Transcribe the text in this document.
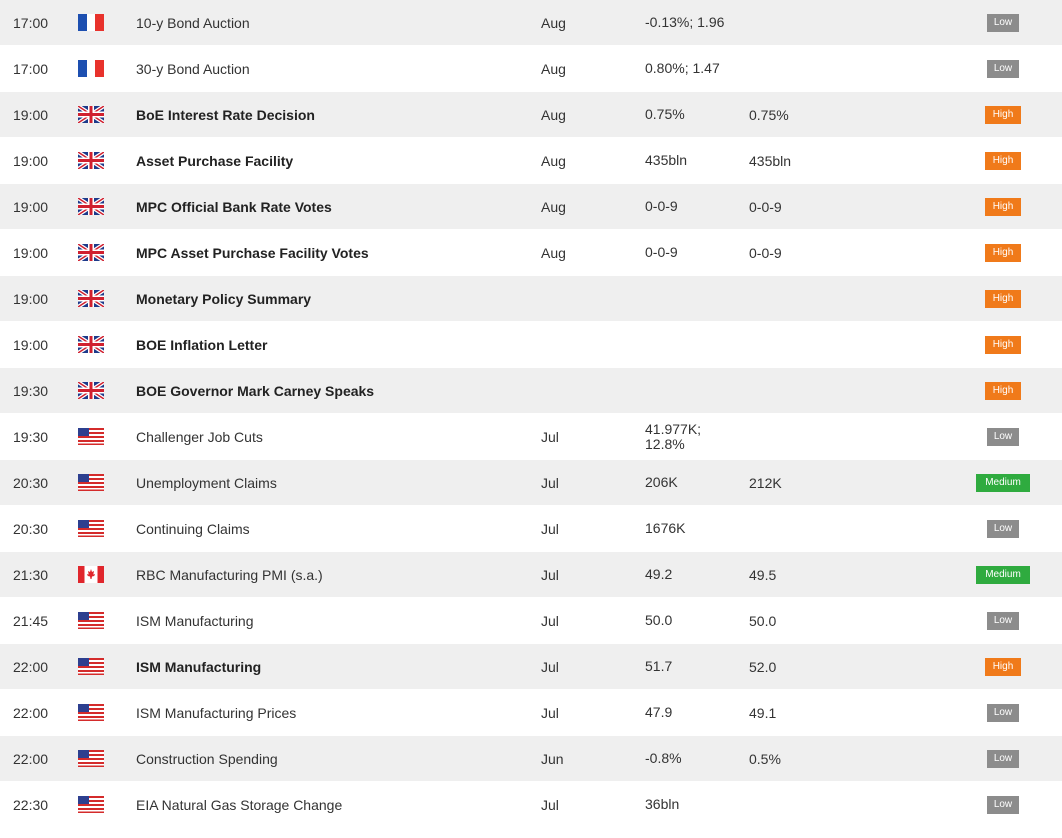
17:00	10-y Bond Auction	Aug	-0.13%; 1.96	Low
17:00	30-y Bond Auction	Aug	0.80%; 1.47	Low
19:00	BoE Interest Rate Decision	Aug	0.75%	0.75%	High
19:00	Asset Purchase Facility	Aug	435bln	435bln	High
19:00	MPC Official Bank Rate Votes	Aug	0-0-9	0-0-9	High
19:00	MPC Asset Purchase Facility Votes	Aug	0-0-9	0-0-9	High
19:00	Monetary Policy Summary	High
19:00	BOE Inflation Letter	High
19:30	BOE Governor Mark Carney Speaks	High
19:30	Challenger Job Cuts	Jul	41.977K; 12.8%	Low
20:30	Unemployment Claims	Jul	206K	212K	Medium
20:30	Continuing Claims	Jul	1676K	Low
21:30	RBC Manufacturing PMI (s.a.)	Jul	49.2	49.5	Medium
21:45	ISM Manufacturing	Jul	50.0	50.0	Low
22:00	ISM Manufacturing	Jul	51.7	52.0	High
22:00	ISM Manufacturing Prices	Jul	47.9	49.1	Low
22:00	Construction Spending	Jun	-0.8%	0.5%	Low
22:30	EIA Natural Gas Storage Change	Jul	36bln	Low
